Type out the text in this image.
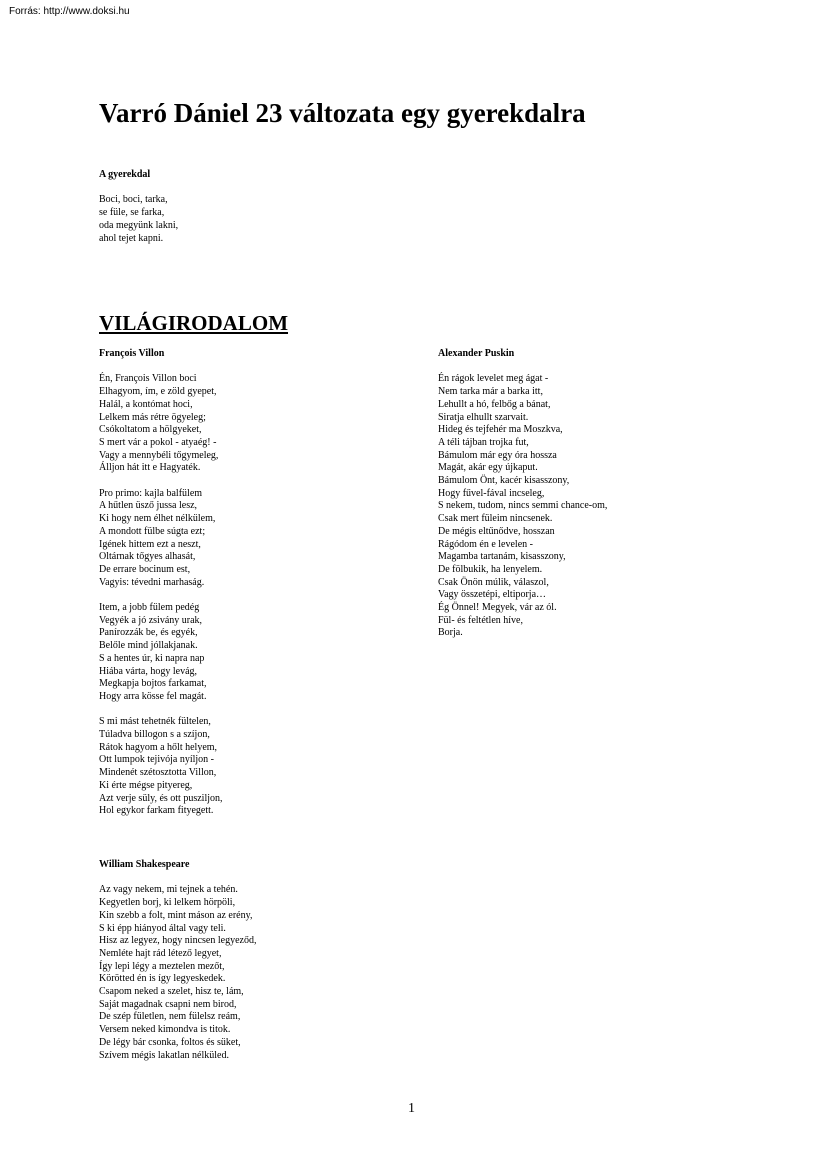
Forrás: http://www.doksi.hu
Varró Dániel 23 változata egy gyerekdalra

A gyerekdal

Boci, boci, tarka,
se füle, se farka,
oda megyünk lakni,
ahol tejet kapni.
VILÁGIRODALOM

François Villon

Én, François Villon boci
Elhagyom, ím, e zöld gyepet,
Halál, a kontómat hoci,
Lelkem más rétre ögyeleg;
Csókoltatom a hölgyeket,
S mert vár a pokol - atyaég! -
Vagy a mennybéli tőgymeleg,
Álljon hát itt e Hagyaték.
Pro primo: kajla balfülem
A hűtlen üsző jussa lesz,
Ki hogy nem élhet nélkülem,
A mondott fülbe súgta ezt;
Igének hittem ezt a neszt,
Oltárnak tőgyes alhasát,
De errare bocinum est,
Vagyis: tévedni marhaság.
Item, a jobb fülem pedég
Vegyék a jó zsivány urak,
Panírozzák be, és egyék,
Belőle mind jóllakjanak.
S a hentes úr, ki napra nap
Hiába várta, hogy levág,
Megkapja bojtos farkamat,
Hogy arra kösse fel magát.
S mi mást tehetnék fültelen,
Túladva billogon s a szíjon,
Rátok hagyom a hőlt helyem,
Ott lumpok tejivója nyíljon -
Mindenét szétosztotta Villon,
Ki érte mégse pityereg,
Azt verje süly, és ott pusziljon,
Hol egykor farkam fityegett.

Alexander Puskin

Én rágok levelet meg ágat -
Nem tarka már a barka itt,
Lehullt a hó, felbőg a bánat,
Siratja elhullt szarvait.
Hideg és tejfehér ma Moszkva,
A téli tájban trojka fut,
Bámulom már egy óra hossza
Magát, akár egy újkaput.
Bámulom Önt, kacér kisasszony,
Hogy fűvel-fával incseleg,
S nekem, tudom, nincs semmi chance-om,
Csak mert füleim nincsenek.
De mégis eltűnődve, hosszan
Rágódom én e levelen -
Magamba tartanám, kisasszony,
De fölbukik, ha lenyelem.
Csak Önön múlik, válaszol,
Vagy összetépi, eltiporja…
Ég Önnel! Megyek, vár az ól.
Fül- és feltétlen híve,
Borja.

William Shakespeare

Az vagy nekem, mi tejnek a tehén.
Kegyetlen borj, ki lelkem hörpöli,
Kin szebb a folt, mint máson az erény,
S ki épp hiányod által vagy teli.
Hisz az legyez, hogy nincsen legyeződ,
Nemléte hajt rád létező legyet,
Így lepi légy a meztelen mezőt,
Körötted én is így legyeskedek.
Csapom neked a szelet, hisz te, lám,
Saját magadnak csapni nem birod,
De szép fületlen, nem fülelsz reám,
Versem neked kimondva is titok.
De légy bár csonka, foltos és süket,
Szívem mégis lakatlan nélküled.
1
